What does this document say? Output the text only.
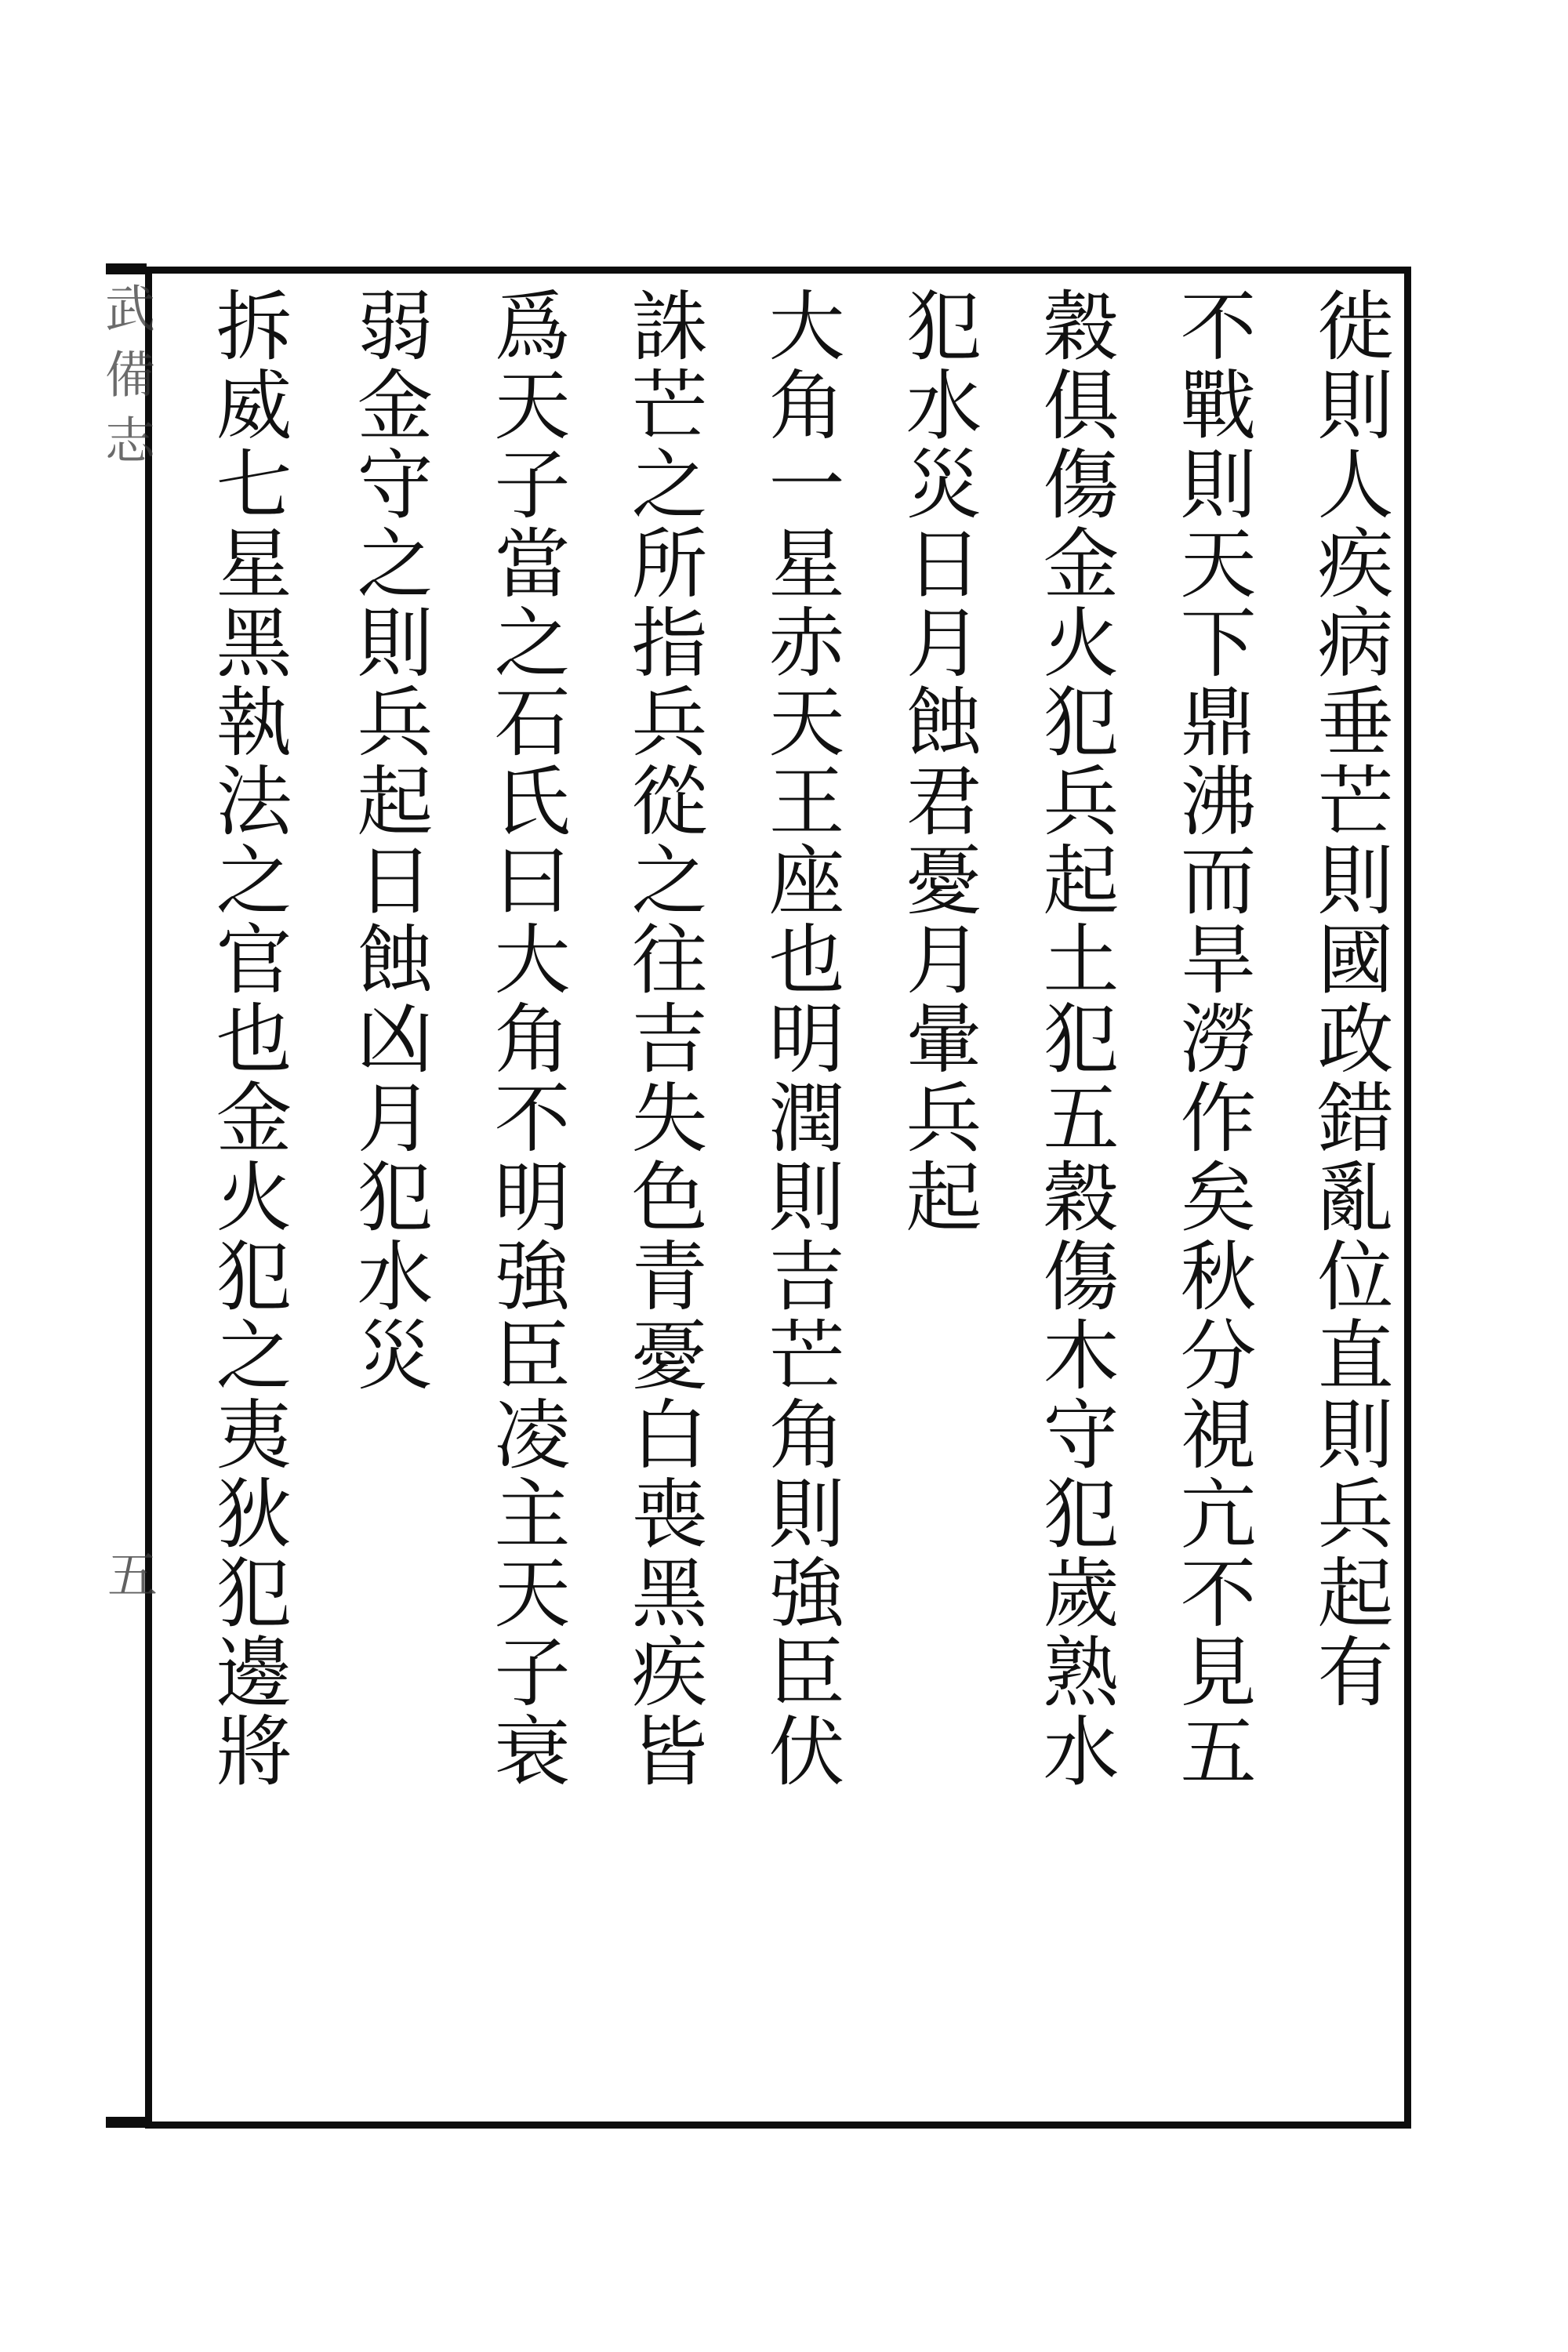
武備志
五	徙則人疾病垂芒則國政錯亂位直則兵起有
不戰則天下鼎沸而旱澇作矣秋分視亢不見五
穀俱傷金火犯兵起土犯五穀傷木守犯歲熟水
犯水災日月蝕君憂月暈兵起
大角一星赤天王座也明潤則吉芒角則強臣伏
誅芒之所指兵從之往吉失色青憂白喪黑疾皆
爲天子當之石氏曰大角不明強臣凌主天子衰
弱金守之則兵起日蝕凶月犯水災
拆威七星黑執法之官也金火犯之夷狄犯邊將
